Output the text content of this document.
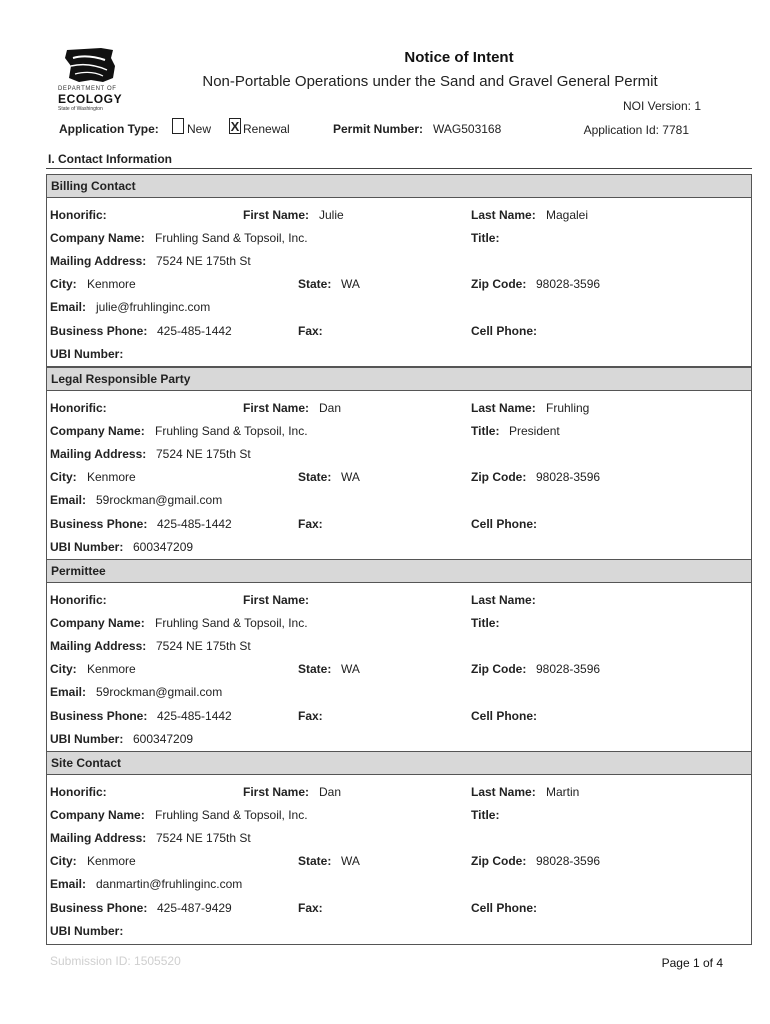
DEPARTMENT OF
ECOLOGY
State of Washington
Notice of Intent
Non-Portable Operations under the Sand and Gravel General Permit
NOI Version: 1
Application Type: New X Renewal	Permit Number: WAG503168	Application Id: 7781
I. Contact Information
Billing Contact
Honorific:	First Name: Julie	Last Name: Magalei
Company Name: Fruhling Sand & Topsoil, Inc.	Title:
Mailing Address: 7524 NE 175th St
City: Kenmore	State: WA	Zip Code: 98028-3596
Email: julie@fruhlinginc.com
Business Phone: 425-485-1442	Fax:	Cell Phone:
UBI Number:
Legal Responsible Party
Honorific:	First Name: Dan	Last Name: Fruhling
Company Name: Fruhling Sand & Topsoil, Inc.	Title: President
Mailing Address: 7524 NE 175th St
City: Kenmore	State: WA	Zip Code: 98028-3596
Email: 59rockman@gmail.com
Business Phone: 425-485-1442	Fax:	Cell Phone:
UBI Number: 600347209
Permittee
Honorific:	First Name:	Last Name:
Company Name: Fruhling Sand & Topsoil, Inc.	Title:
Mailing Address: 7524 NE 175th St
City: Kenmore	State: WA	Zip Code: 98028-3596
Email: 59rockman@gmail.com
Business Phone: 425-485-1442	Fax:	Cell Phone:
UBI Number: 600347209
Site Contact
Honorific:	First Name: Dan	Last Name: Martin
Company Name: Fruhling Sand & Topsoil, Inc.	Title:
Mailing Address: 7524 NE 175th St
City: Kenmore	State: WA	Zip Code: 98028-3596
Email: danmartin@fruhlinginc.com
Business Phone: 425-487-9429	Fax:	Cell Phone:
UBI Number:
Submission ID: 1505520	Page 1 of 4
